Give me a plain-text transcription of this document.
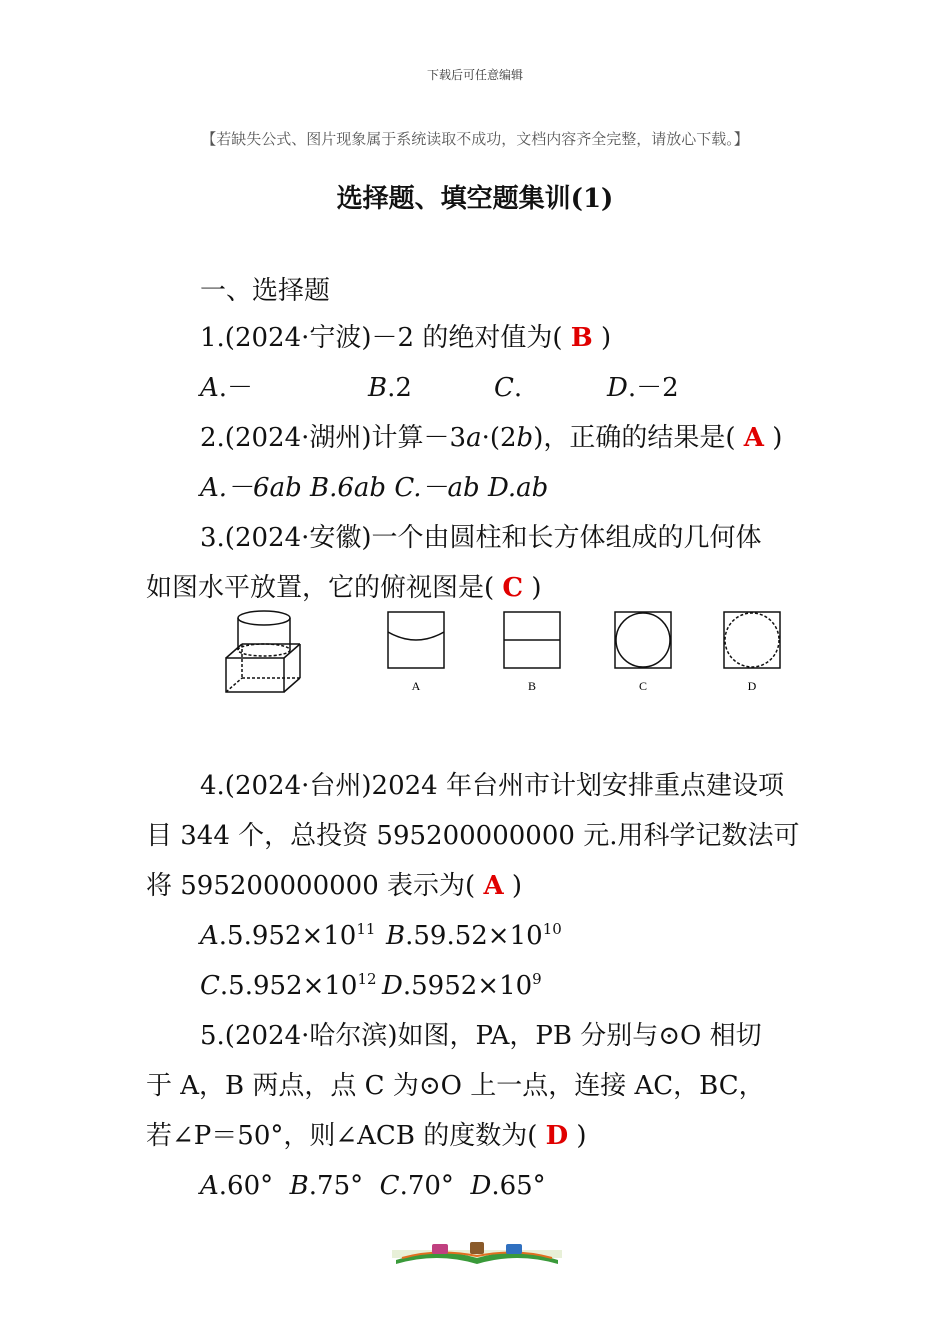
下载后可任意编辑
【若缺失公式、图片现象属于系统读取不成功，文档内容齐全完整，请放心下载。】
选择题、填空题集训(1)
一、选择题
1.(2024·宁波)－2 的绝对值为( B )
A.－	B.2	C.	D.－2
2.(2024·湖州)计算－3a·(2b)，正确的结果是( A )
A.－6ab B.6ab C.－ab D.ab
3.(2024·安徽)一个由圆柱和长方体组成的几何体
如图水平放置，它的俯视图是( C )
A	B	C	D
4.(2024·台州)2024 年台州市计划安排重点建设项
目 344 个，总投资 595200000000 元.用科学记数法可
将 595200000000 表示为( A )
$A.5.952\times 10^{11}$ $B.59.52\times 10^{10}$
$C.5.952\times 10^{12}$ $D.5952\times 10^9$
5.(2024·哈尔滨)如图，PA，PB 分别与⊙O 相切
于 A，B 两点，点 C 为⊙O 上一点，连接 AC，BC，
若∠P＝50°，则∠ACB 的度数为( D )
A.60° B.75° C.70° D.65°
